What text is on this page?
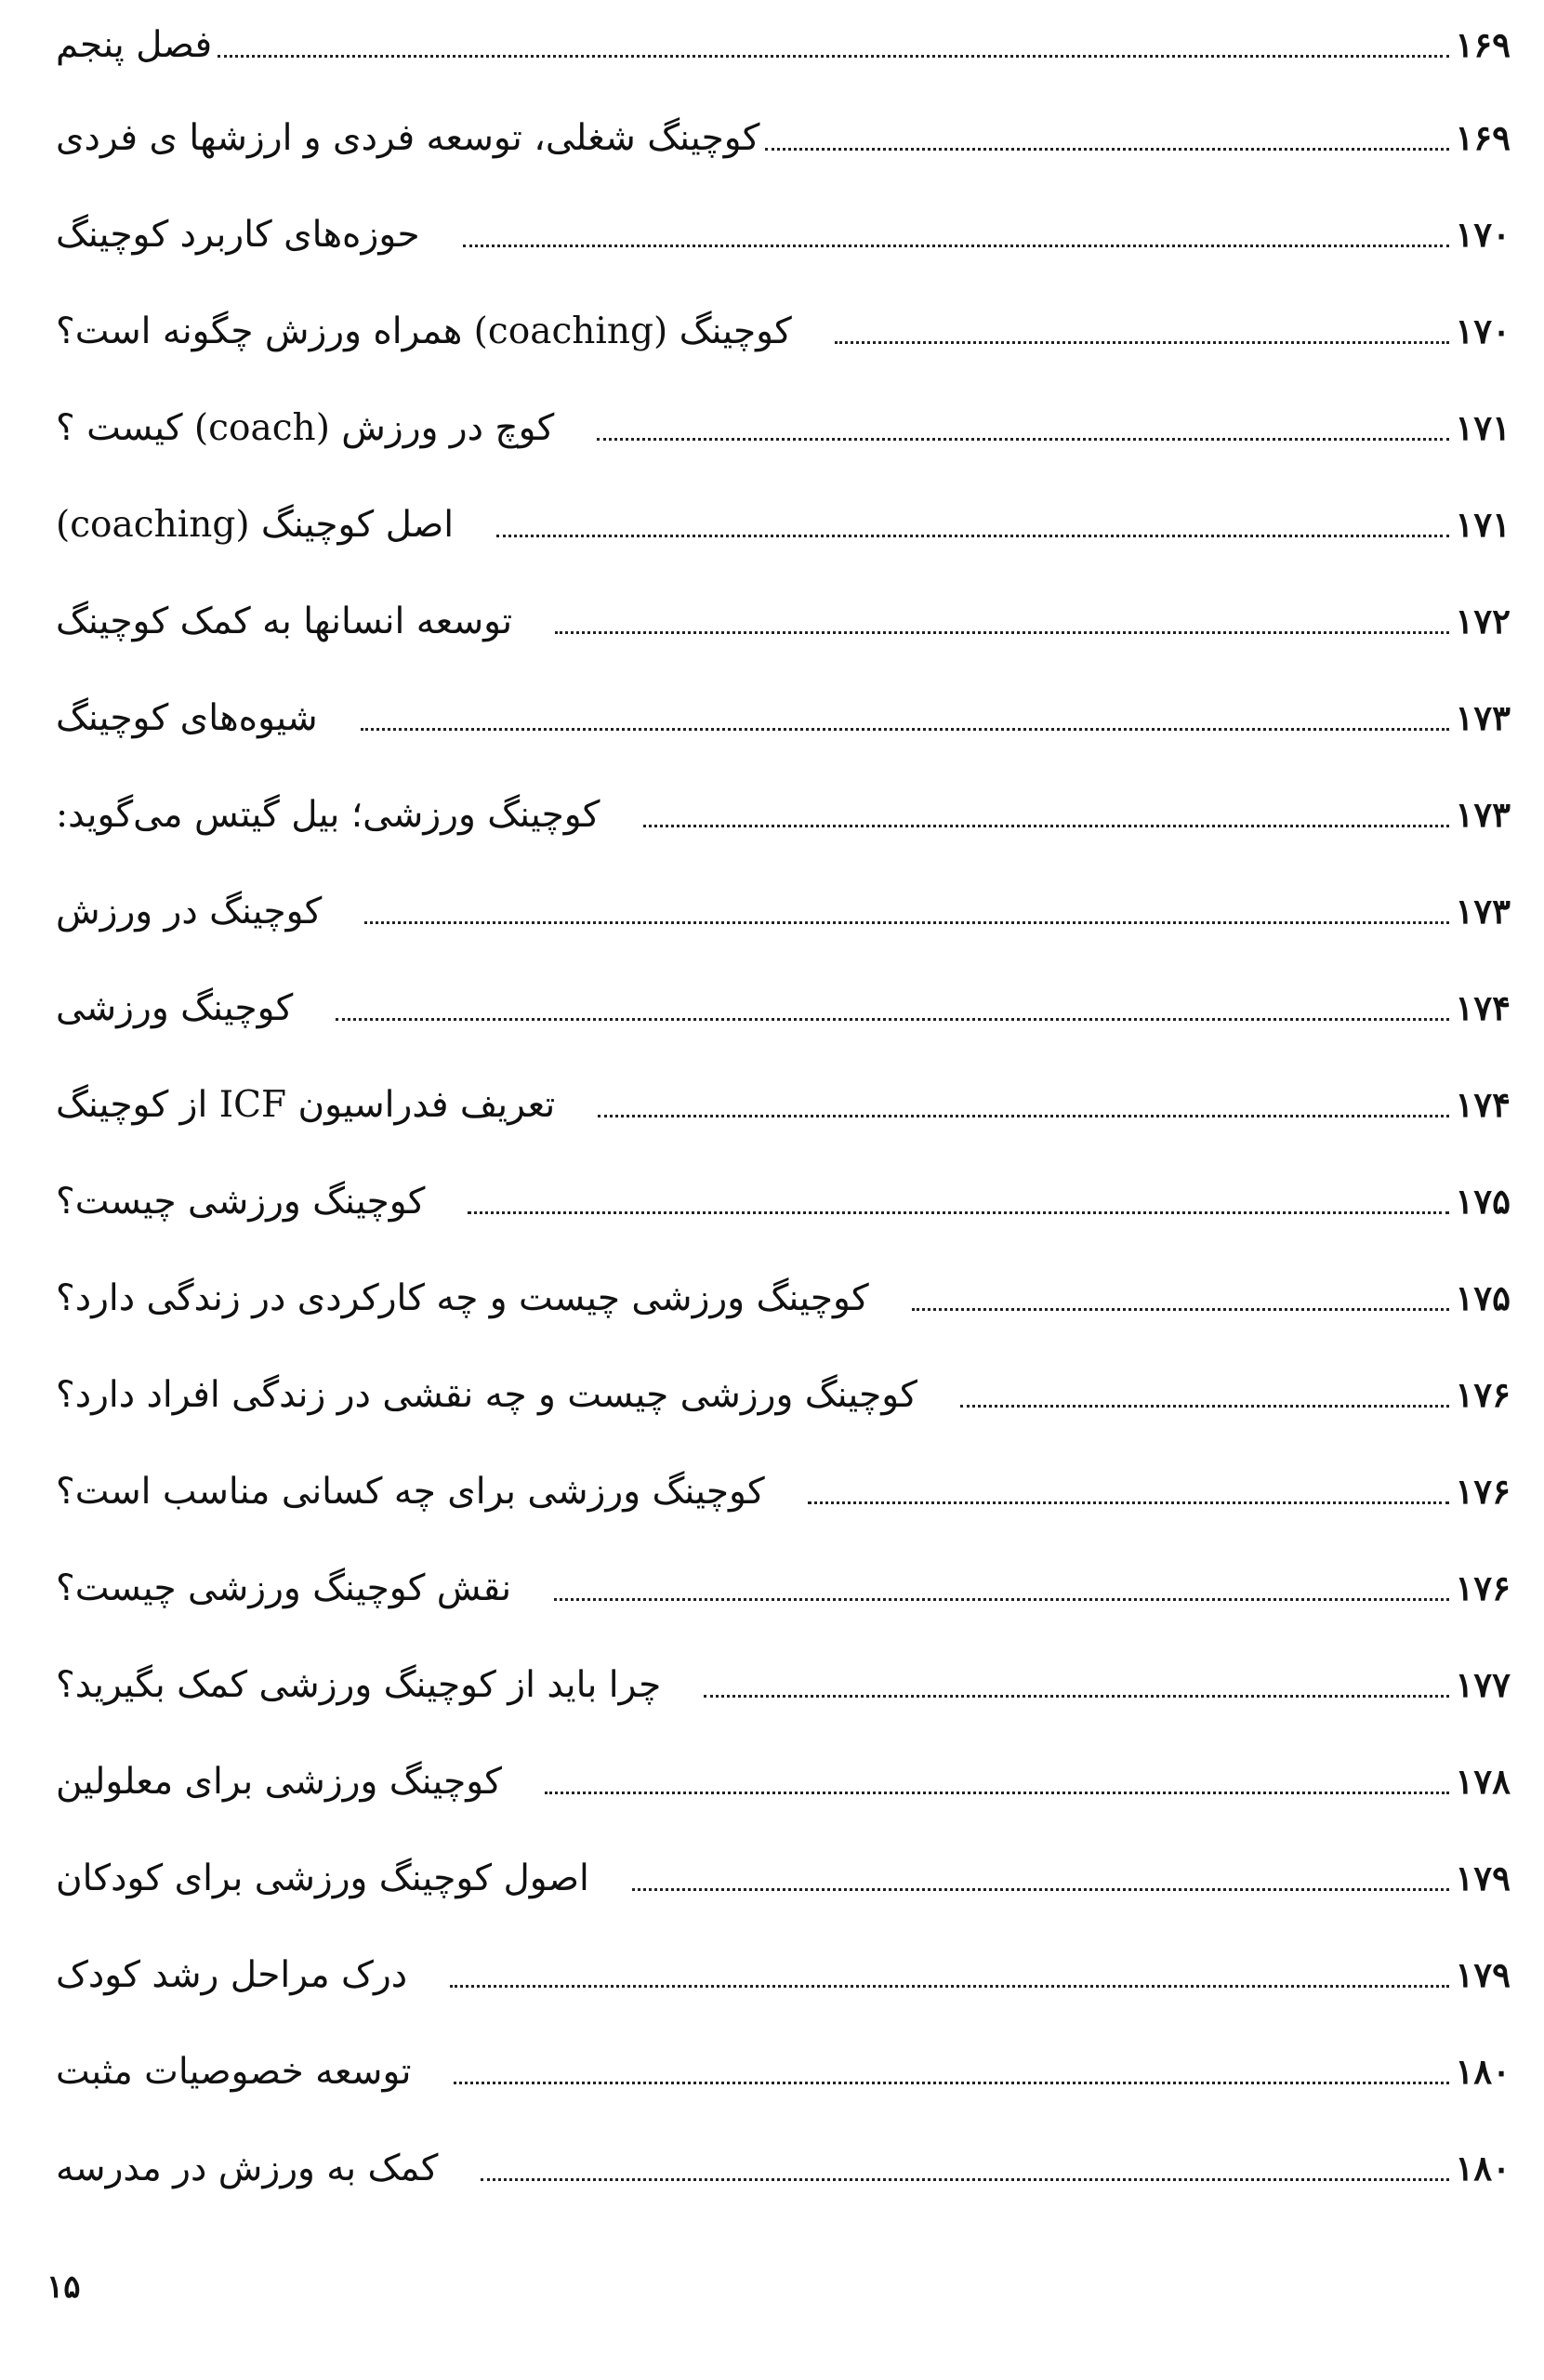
فصل پنجم	۱۶۹
کوچینگ شغلی، توسعه فردی و ارزشها ی فردی	۱۶۹
حوزه‌های کاربرد کوچینگ	۱۷۰
کوچینگ (coaching) همراه ورزش چگونه است؟	۱۷۰
کوچ در ورزش (coach) کیست ؟	۱۷۱
اصل کوچینگ (coaching)	۱۷۱
توسعه انسانها به کمک کوچینگ	۱۷۲
شیوه‌های کوچینگ	۱۷۳
کوچینگ ورزشی؛ بیل گیتس می‌گوید:	۱۷۳
کوچینگ در ورزش	۱۷۳
کوچینگ ورزشی	۱۷۴
تعریف فدراسیون ICF از کوچینگ	۱۷۴
کوچینگ ورزشی چیست؟	۱۷۵
کوچینگ ورزشی چیست و چه کارکردی در زندگی دارد؟	۱۷۵
کوچینگ ورزشی چیست و چه نقشی در زندگی افراد دارد؟	۱۷۶
کوچینگ ورزشی برای چه کسانی مناسب است؟	۱۷۶
نقش کوچینگ ورزشی چیست؟	۱۷۶
چرا باید از کوچینگ ورزشی کمک بگیرید؟	۱۷۷
کوچینگ ورزشی برای معلولین	۱۷۸
اصول کوچینگ ورزشی برای کودکان	۱۷۹
درک مراحل رشد کودک	۱۷۹
توسعه خصوصیات مثبت	۱۸۰
کمک به ورزش در مدرسه	۱۸۰
۱۵
